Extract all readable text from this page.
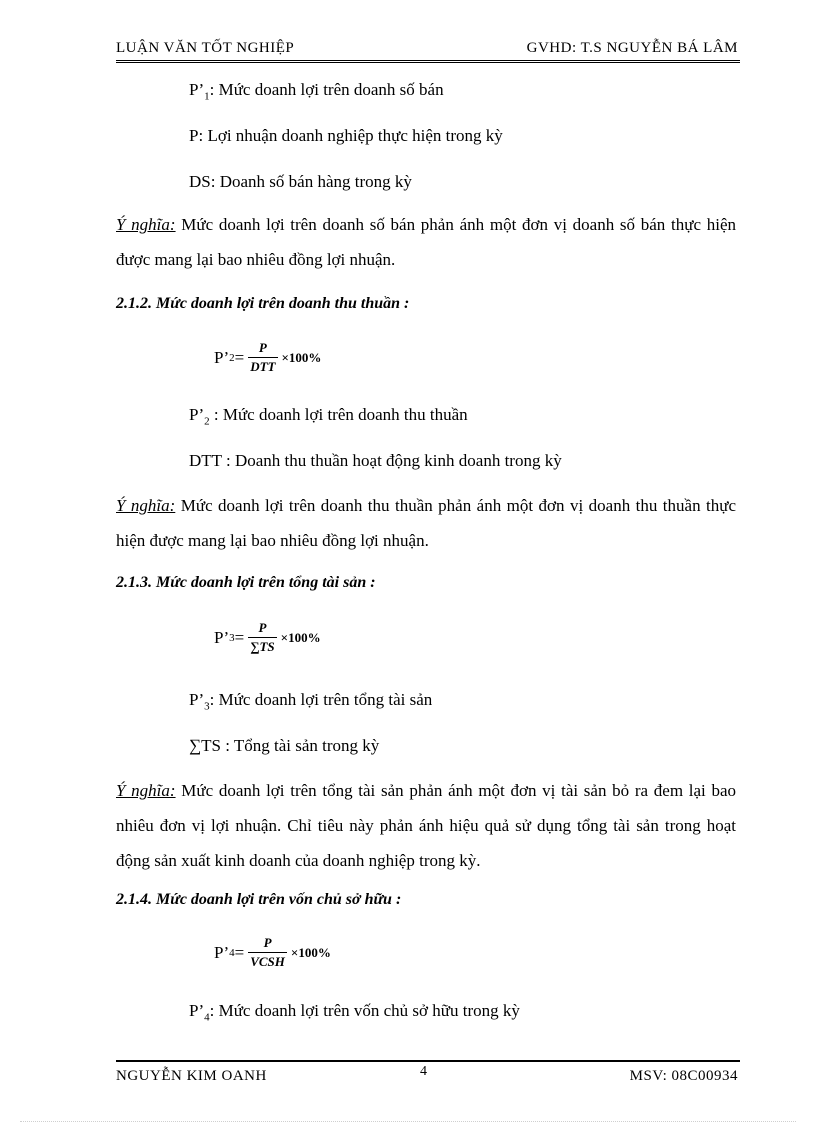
LUẬN VĂN TỐT NGHIỆP	GVHD: T.S NGUYỄN BÁ LÂM
$P’_1$: Mức doanh lợi trên doanh số bán
P: Lợi nhuận doanh nghiệp thực hiện trong kỳ
DS: Doanh số bán hàng trong kỳ
Ý nghĩa: Mức doanh lợi trên doanh số bán phản ánh một đơn vị doanh số bán thực hiện được mang lại bao nhiêu đồng lợi nhuận.
2.1.2. Mức doanh lợi trên doanh thu thuần :
P’ $2 = \frac{P}{\text{DTT}} \times 100\%$
$P’_2$ : Mức doanh lợi trên doanh thu thuần
DTT : Doanh thu thuần hoạt động kinh doanh trong kỳ
Ý nghĩa: Mức doanh lợi trên doanh thu thuần phản ánh một đơn vị doanh thu thuần thực hiện được mang lại bao nhiêu đồng lợi nhuận.
2.1.3. Mức doanh lợi trên tổng tài sản :
P’ $3 = \frac{P}{\sum TS} \times 100\%$
$P’_3$: Mức doanh lợi trên tổng tài sản
∑TS : Tổng tài sản trong kỳ
Ý nghĩa: Mức doanh lợi trên tổng tài sản phản ánh một đơn vị tài sản bỏ ra đem lại bao nhiêu đơn vị lợi nhuận. Chỉ tiêu này phản ánh hiệu quả sử dụng tổng tài sản trong hoạt động sản xuất kinh doanh của doanh nghiệp trong kỳ.
2.1.4. Mức doanh lợi trên vốn chủ sở hữu :
P’ $4 = \frac{P}{\text{VCSH}} \times 100\%$
$P’_4$: Mức doanh lợi trên vốn chủ sở hữu trong kỳ
NGUYỄN KIM OANH	4	MSV: 08C00934
